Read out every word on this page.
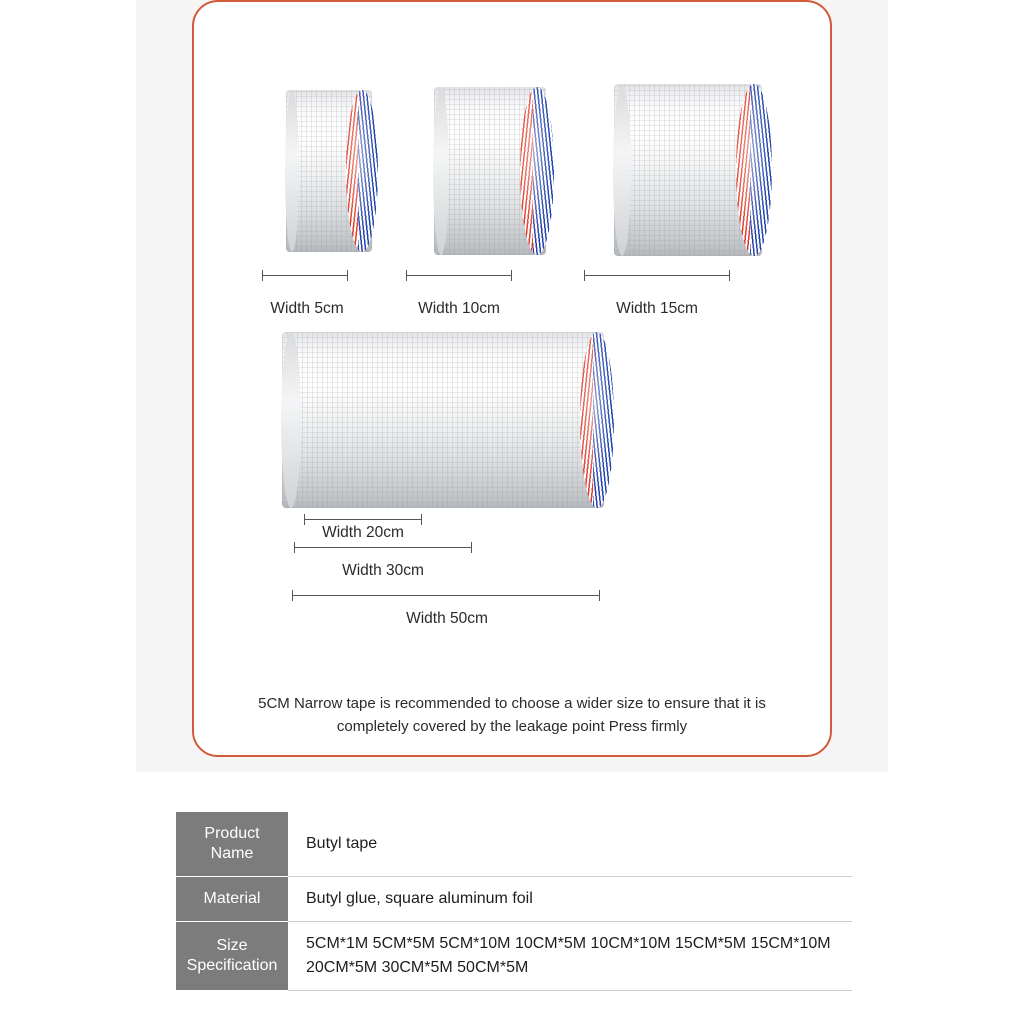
Width 5cm	Width 10cm	Width 15cm
Width 20cm
Width 30cm
Width 50cm
5CM Narrow tape is recommended to choose a wider size to ensure that it is completely covered by the leakage point Press firmly
Product Name	Butyl tape
Material	Butyl glue, square aluminum foil
Size Specification	5CM*1M 5CM*5M 5CM*10M 10CM*5M 10CM*10M 15CM*5M 15CM*10M 20CM*5M 30CM*5M 50CM*5M
